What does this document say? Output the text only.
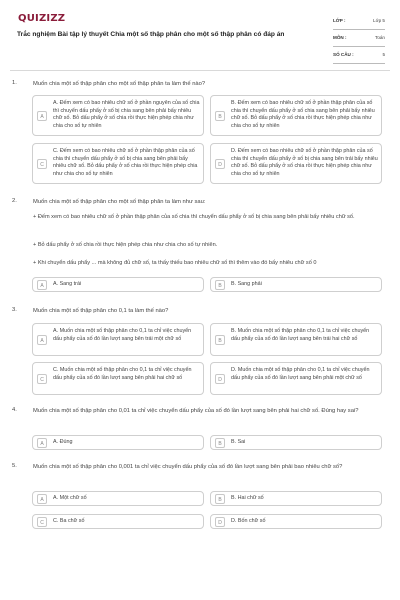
QUIZIZZ
Trắc nghiệm Bài tập lý thuyết Chia một số thập phân cho một số thập phân có đáp án
LỚP :	Lớp 5
MÔN :	Toán
SỐ CÂU :	5
1.	Muốn chia một số thập phân cho một số thập phân ta làm thế nào?
A
A. Đếm xem có bao nhiêu chữ số ở phần nguyên của số chia thì chuyển dấu phẩy ở số bị chia sang bên phải bấy nhiêu chữ số. Bỏ dấu phẩy ở số chia rồi thực hiện phép chia như chia cho số tự nhiên
B
B. Đếm xem có bao nhiêu chữ số ở phần thập phân của số chia thì chuyển dấu phẩy ở số chia sang bên phải bấy nhiêu chữ số. Bỏ dấu phẩy ở số chia rồi thực hiện phép chia như chia cho số tự nhiên
C
C. Đếm xem có bao nhiêu chữ số ở phần thập phân của số chia thì chuyển dấu phẩy ở số bị chia sang bên phải bấy nhiêu chữ số. Bỏ dấu phẩy ở số chia rồi thực hiện phép chia như chia cho số tự nhiên
D
D. Đếm xem có bao nhiêu chữ số ở phần thập phân của số chia thì chuyển dấu phẩy ở số bị chia sang bên trái bấy nhiêu chữ số. Bỏ dấu phẩy ở số chia rồi thực hiện phép chia như chia cho số tự nhiên
2.	Muốn chia một số thập phân cho một số thập phân ta làm như sau:
+ Đếm xem có bao nhiêu chữ số ở phần thập phân của số chia thì chuyển dấu phẩy ở số bị chia sang bên phải bấy nhiêu chữ số.
+ Bỏ dấu phẩy ở số chia rồi thực hiện phép chia như chia cho số tự nhiên.
+ Khi chuyển dấu phẩy ... mà không đủ chữ số, ta thấy thiếu bao nhiêu chữ số thì thêm vào đó bấy nhiêu chữ số 0
A	A. Sang trái	B	B. Sang phải
3.	Muốn chia một số thập phân cho 0,1 ta làm thế nào?
A
A. Muốn chia một số thập phân cho 0,1 ta chỉ việc chuyển dấu phẩy của số đó lần lượt sang bên trái một chữ số	B
B. Muốn chia một số thập phân cho 0,1 ta chỉ việc chuyển dấu phẩy của số đó lần lượt sang bên trái hai chữ số
C
C. Muốn chia một số thập phân cho 0,1 ta chỉ việc chuyển dấu phẩy của số đó lần lượt sang bên phải hai chữ số	D
D. Muốn chia một số thập phân cho 0,1 ta chỉ việc chuyển dấu phẩy của số đó lần lượt sang bên phải một chữ số
4.	Muốn chia một số thập phân cho 0,01 ta chỉ việc chuyển dấu phẩy của số đó lần lượt sang bên phải hai chữ số. Đúng hay sai?
A	A. Đúng	B	B. Sai
5.	Muốn chia một số thập phân cho 0,001 ta chỉ việc chuyển dấu phẩy của số đó lần lượt sang bên phải bao nhiêu chữ số?
A	A. Một chữ số	B	B. Hai chữ số
C	C. Ba chữ số	D	D. Bốn chữ số
